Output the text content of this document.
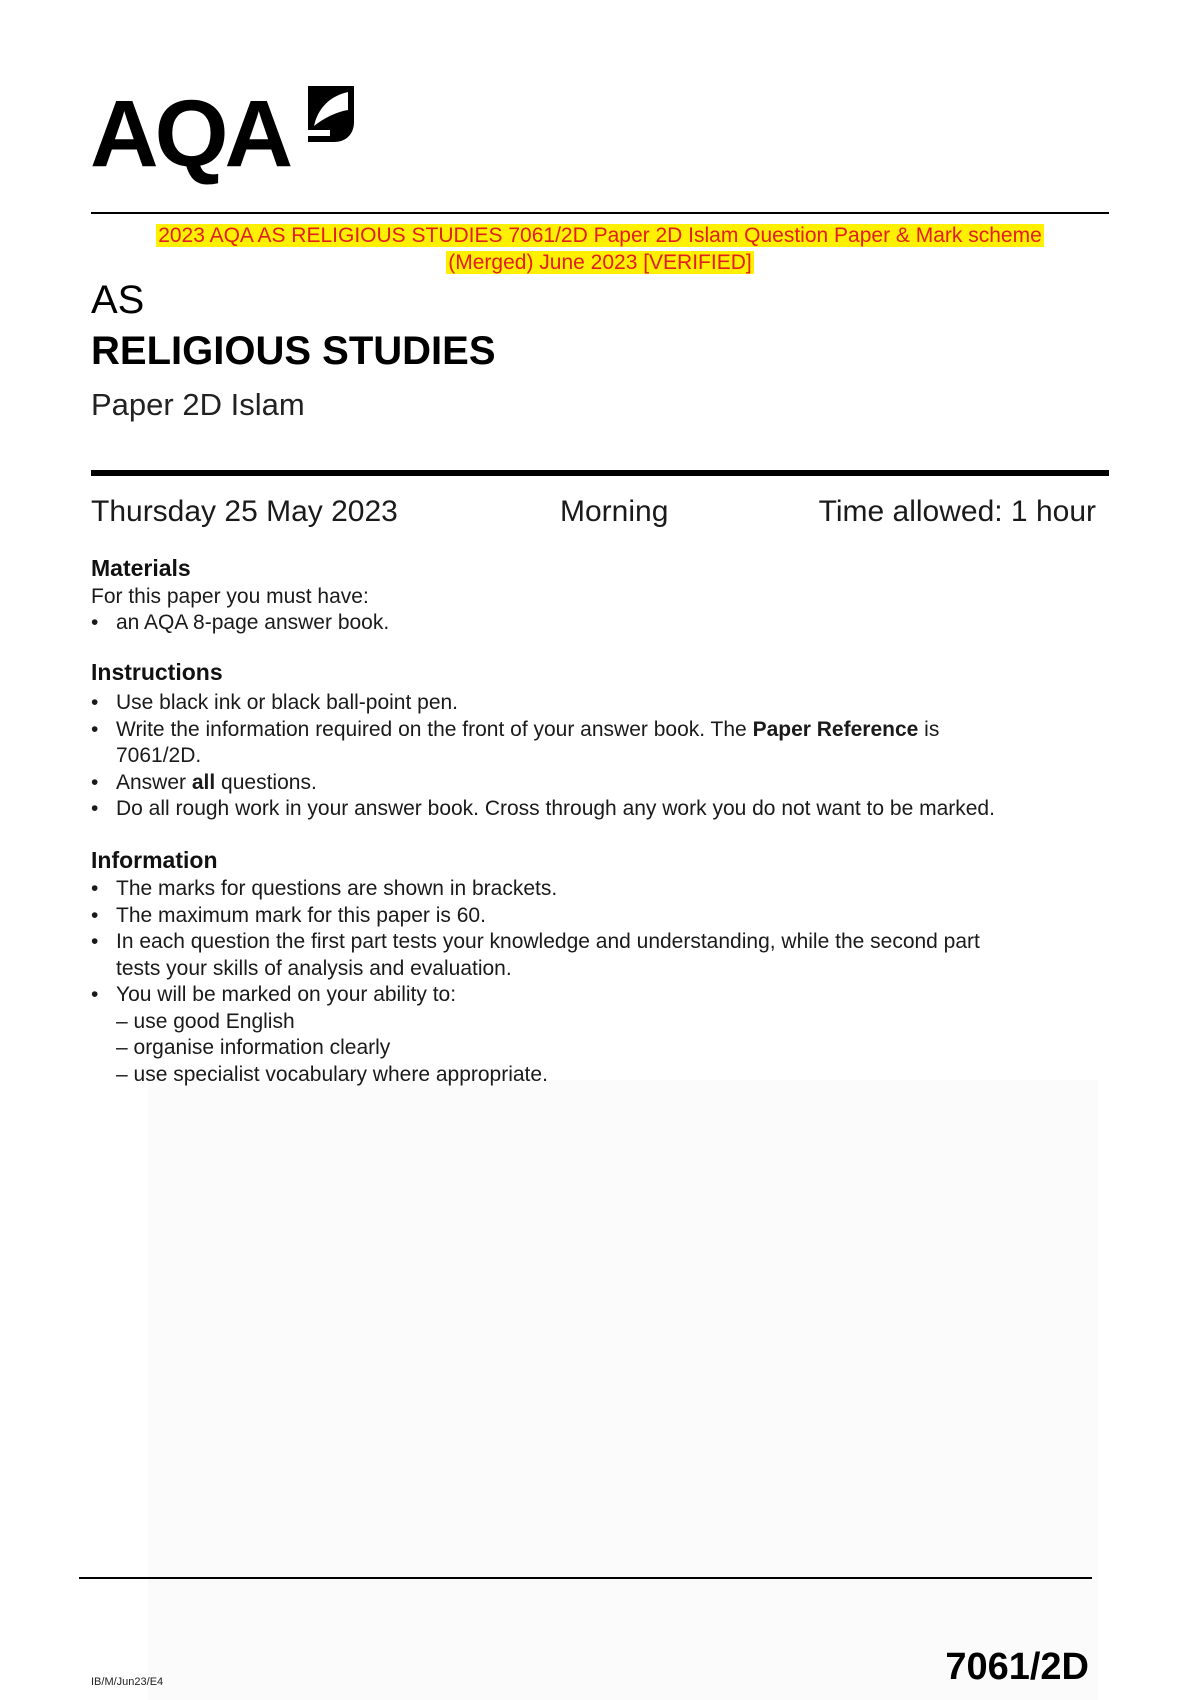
AQA
2023 AQA AS RELIGIOUS STUDIES 7061/2D Paper 2D Islam Question Paper & Mark scheme
(Merged) June 2023 [VERIFIED]
AS
RELIGIOUS STUDIES
Paper 2D Islam
Thursday 25 May 2023	Morning	Time allowed: 1 hour
Materials
For this paper you must have:
• an AQA 8-page answer book.
Instructions
• Use black ink or black ball-point pen.
• Write the information required on the front of your answer book. The Paper Reference is
7061/2D.
• Answer all questions.
• Do all rough work in your answer book. Cross through any work you do not want to be marked.
Information
• The marks for questions are shown in brackets.
• The maximum mark for this paper is 60.
• In each question the first part tests your knowledge and understanding, while the second part
tests your skills of analysis and evaluation.
• You will be marked on your ability to:
– use good English
– organise information clearly
– use specialist vocabulary where appropriate.
IB/M/Jun23/E4	7061/2D
